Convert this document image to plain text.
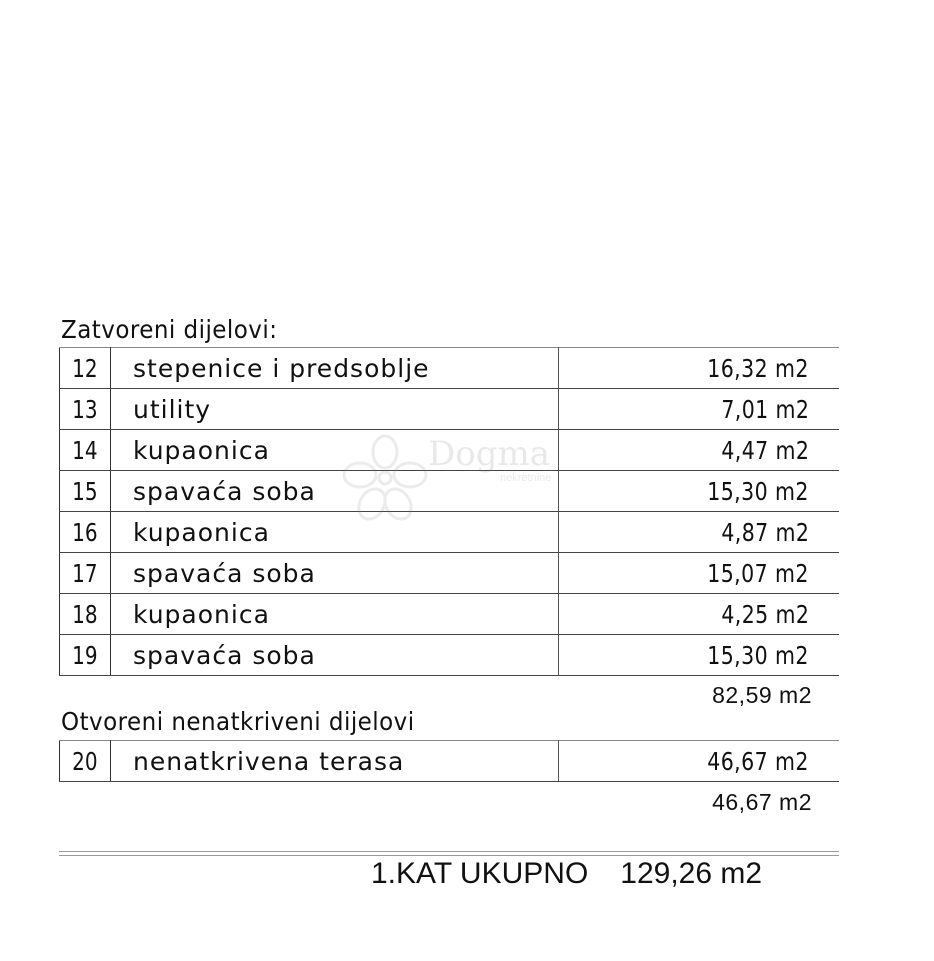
Zatvoreni dijelovi:
12	stepenice i predsoblje	16,32 m2
13	utility	7,01 m2
14	kupaonica	4,47 m2
15	spavaća soba	15,30 m2
16	kupaonica	4,87 m2
17	spavaća soba	15,07 m2
18	kupaonica	4,25 m2
19	spavaća soba	15,30 m2
82,59 m2
Otvoreni nenatkriveni dijelovi
20	nenatkrivena terasa	46,67 m2
46,67 m2
1.KAT UKUPNO 129,26 m2
Dogma
nekretnine
